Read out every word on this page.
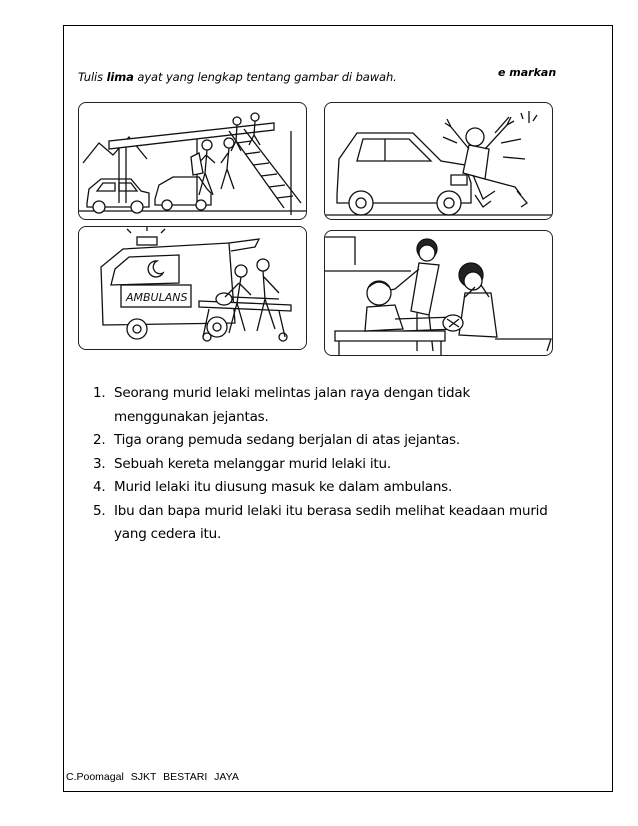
Tulis lima ayat yang lengkap tentang gambar di bawah.	e markan
AMBULANS
1. Seorang murid lelaki melintas jalan raya dengan tidak
menggunakan jejantas.
2. Tiga orang pemuda sedang berjalan di atas jejantas.
3. Sebuah kereta melanggar murid lelaki itu.
4. Murid lelaki itu diusung masuk ke dalam ambulans.
5. Ibu dan bapa murid lelaki itu berasa sedih melihat keadaan murid
yang cedera itu.
C.Poomagal SJKT BESTARI JAYA
